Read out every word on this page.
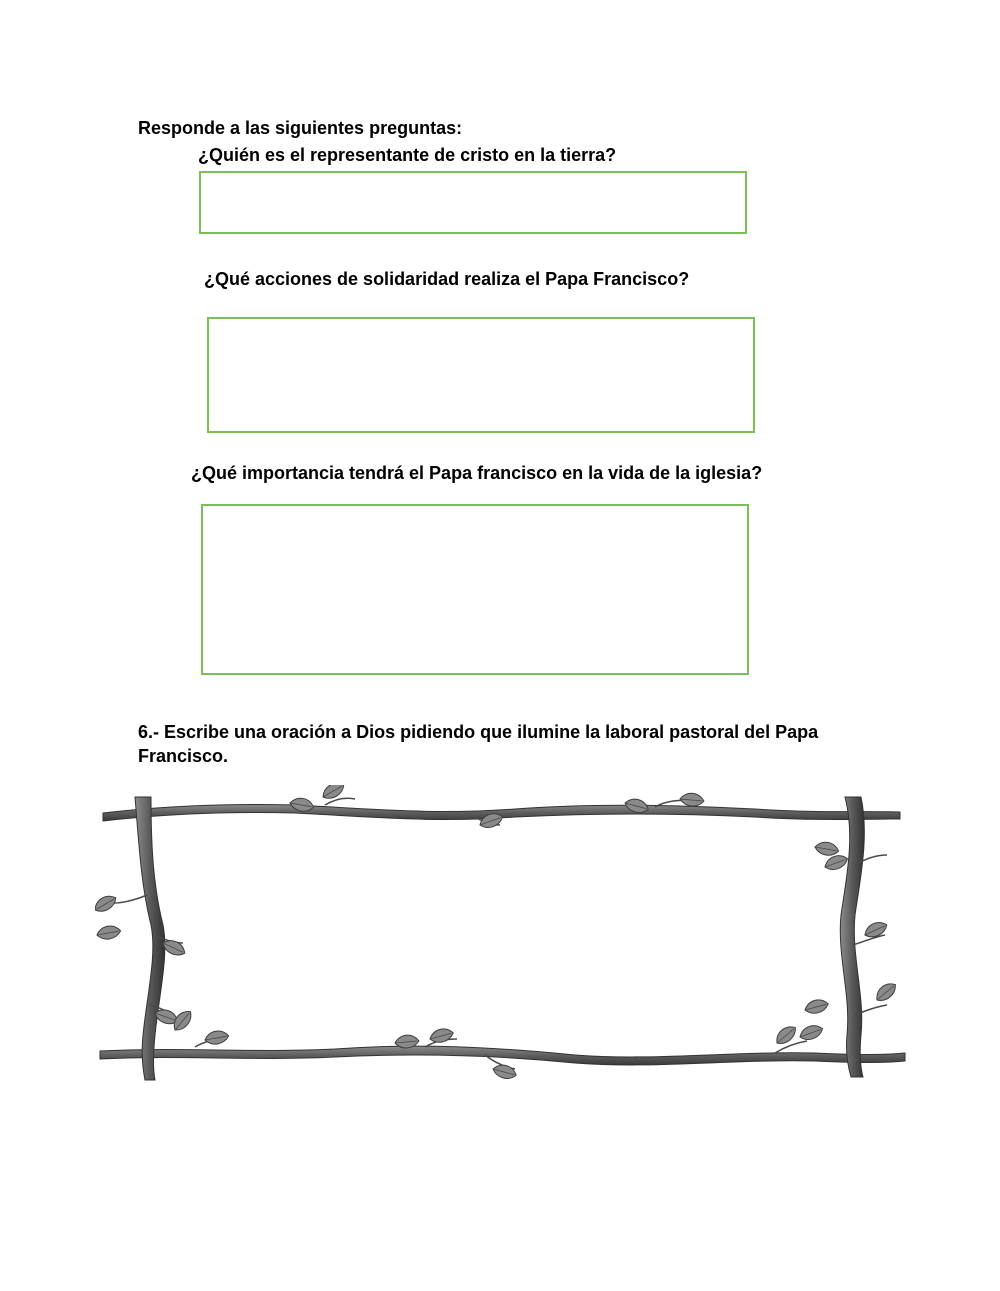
Responde a las siguientes preguntas:

¿Quién es el representante de cristo en la tierra?

¿Qué acciones de solidaridad realiza el Papa Francisco?

¿Qué importancia tendrá el Papa francisco en la vida de la iglesia?

6.- Escribe una oración a Dios pidiendo que ilumine la laboral pastoral del Papa Francisco.
